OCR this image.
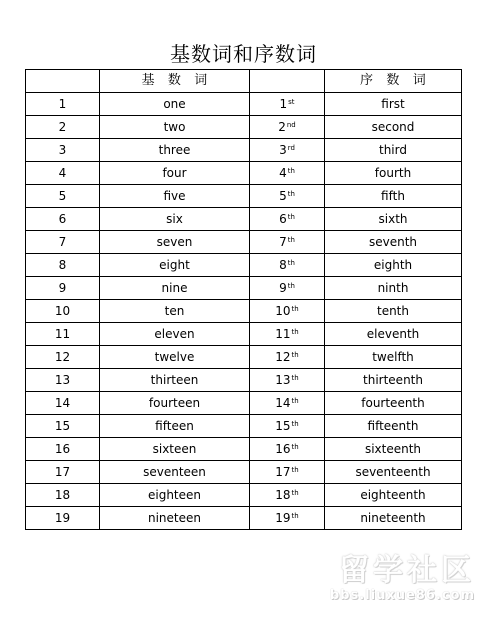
基数词和序数词
	基　数　词		序　数　词
1	one	1st	first
2	two	2nd	second
3	three	3rd	third
4	four	4th	fourth
5	five	5th	fifth
6	six	6th	sixth
7	seven	7th	seventh
8	eight	8th	eighth
9	nine	9th	ninth
10	ten	10th	tenth
11	eleven	11th	eleventh
12	twelve	12th	twelfth
13	thirteen	13th	thirteenth
14	fourteen	14th	fourteenth
15	fifteen	15th	fifteenth
16	sixteen	16th	sixteenth
17	seventeen	17th	seventeenth
18	eighteen	18th	eighteenth
19	nineteen	19th	nineteenth
留学社区
bbs.liuxue86.com
